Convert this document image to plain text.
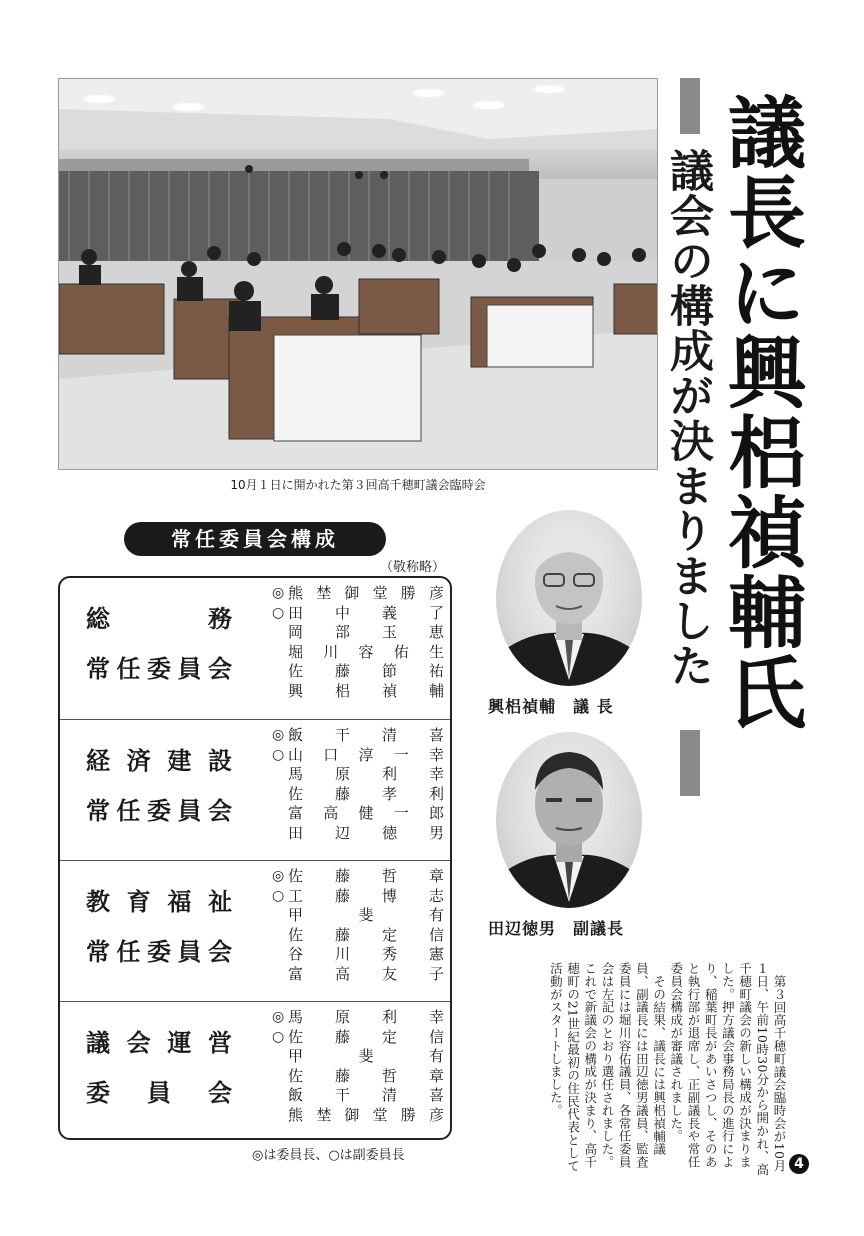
10月１日に開かれた第３回高千穂町議会臨時会	議長に興梠禎輔氏
議会の構成が決まりました
興梠禎輔　議 長
田辺徳男　副議長
常任委員会構成
（敬称略）
総　務
常任委員会
◎ 熊埜御堂勝彦
○ 田中義了
岡部玉恵
堀川容佑生
佐藤節祐
興梠禎輔
経済建設
常任委員会
◎ 飯干清喜
○ 山口淳一幸
馬原利幸
佐藤孝利
富高健一郎
田辺徳男
教育福祉
常任委員会
◎ 佐藤哲章
○ 工藤博志
甲斐有
佐藤定信
谷川秀憲
富高友子
議会運営
委員会
◎ 馬原利幸
○ 佐藤定信
甲斐有
佐藤哲章
飯干清喜
熊埜御堂勝彦
◎は委員長、○は副委員長	第３回高千穂町議会臨時会が10月１日、午前10時30分から開かれ、高千穂町議会の新しい構成が決まりました。押方議会事務局長の進行により、稲葉町長があいさつし、そのあと執行部が退席し、正副議長や常任委員会構成が審議されました。

その結果、議長には興梠禎輔議員、副議長には田辺徳男議員、監査委員には堀川容佑議員、各常任委員会は左記のとおり選任されました。これで新議会の構成が決まり、高千穂町の21世紀最初の住民代表として活動がスタートしました。

4
